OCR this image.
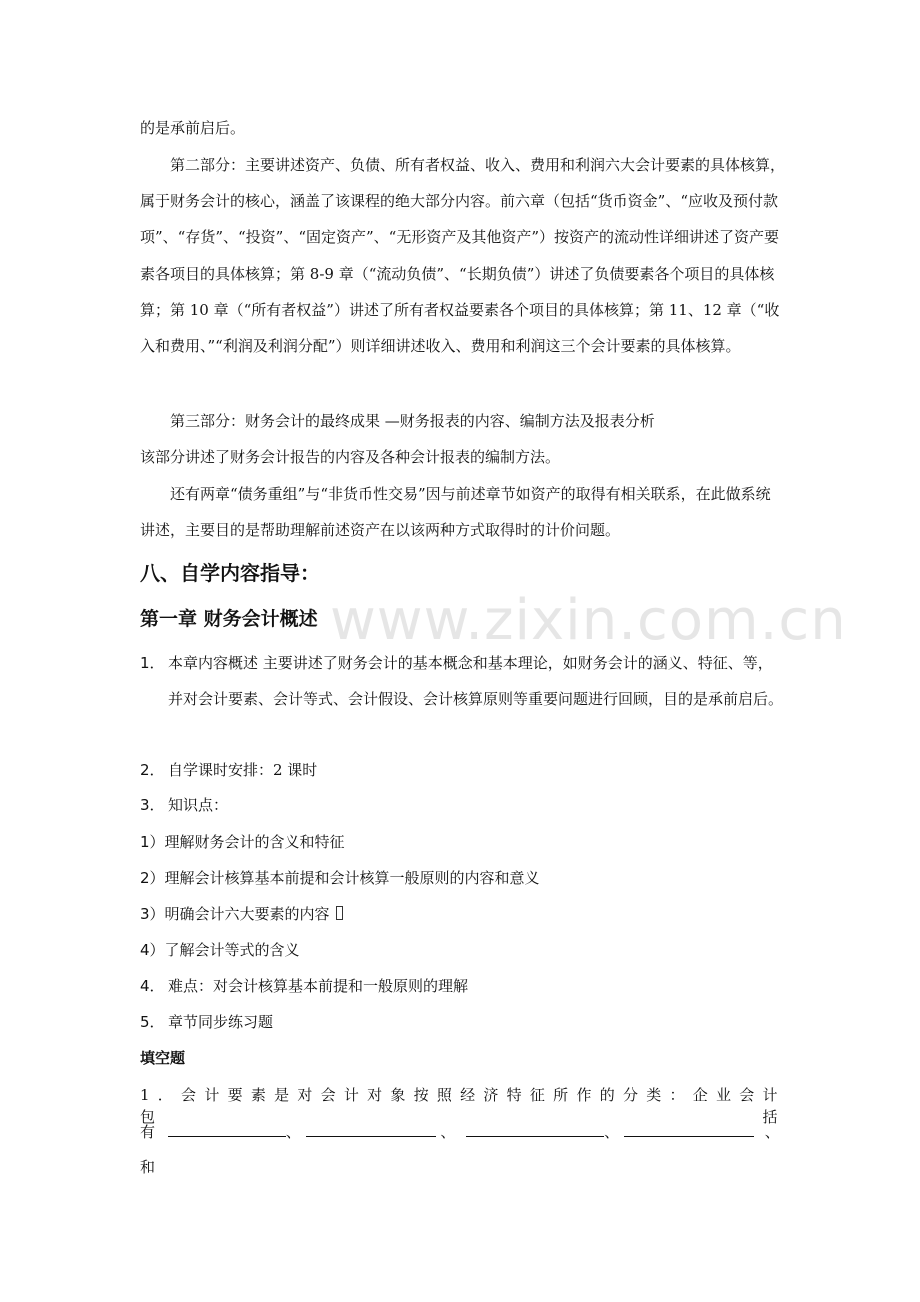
www.zixin.com.cn

的是承前启后。

第二部分：主要讲述资产、负债、所有者权益、收入、费用和利润六大会计要素的具体核算，属于财务会计的核心，涵盖了该课程的绝大部分内容。前六章（包括“货币资金”、“应收及预付款项”、“存货”、“投资”、“固定资产”、“无形资产及其他资产”）按资产的流动性详细讲述了资产要素各项目的具体核算；第 8-9 章（“流动负债”、“长期负债”）讲述了负债要素各个项目的具体核算；第 10 章（“所有者权益”）讲述了所有者权益要素各个项目的具体核算；第 11、12 章（“收入和费用、”“利润及利润分配”）则详细讲述收入、费用和利润这三个会计要素的具体核算。

第三部分：财务会计的最终成果 —财务报表的内容、编制方法及报表分析

该部分讲述了财务会计报告的内容及各种会计报表的编制方法。

还有两章“债务重组”与“非货币性交易”因与前述章节如资产的取得有相关联系，在此做系统讲述，主要目的是帮助理解前述资产在以该两种方式取得时的计价问题。

八、自学内容指导：
第一章 财务会计概述
1． 本章内容概述 主要讲述了财务会计的基本概念和基本理论，如财务会计的涵义、特征、等，并对会计要素、会计等式、会计假设、会计核算原则等重要问题进行回顾，目的是承前启后。
2． 自学课时安排：2 课时
3． 知识点：
1）理解财务会计的含义和特征
2）理解会计核算基本前提和会计核算一般原则的内容和意义
3）明确会计六大要素的内容
4）了解会计等式的含义
4． 难点：对会计核算基本前提和一般原则的理解
5． 章节同步练习题
填空题
1．会计要素是对会计对象按照经济特征所作的分类：企业会计包括
有	、	、	、	、
和
